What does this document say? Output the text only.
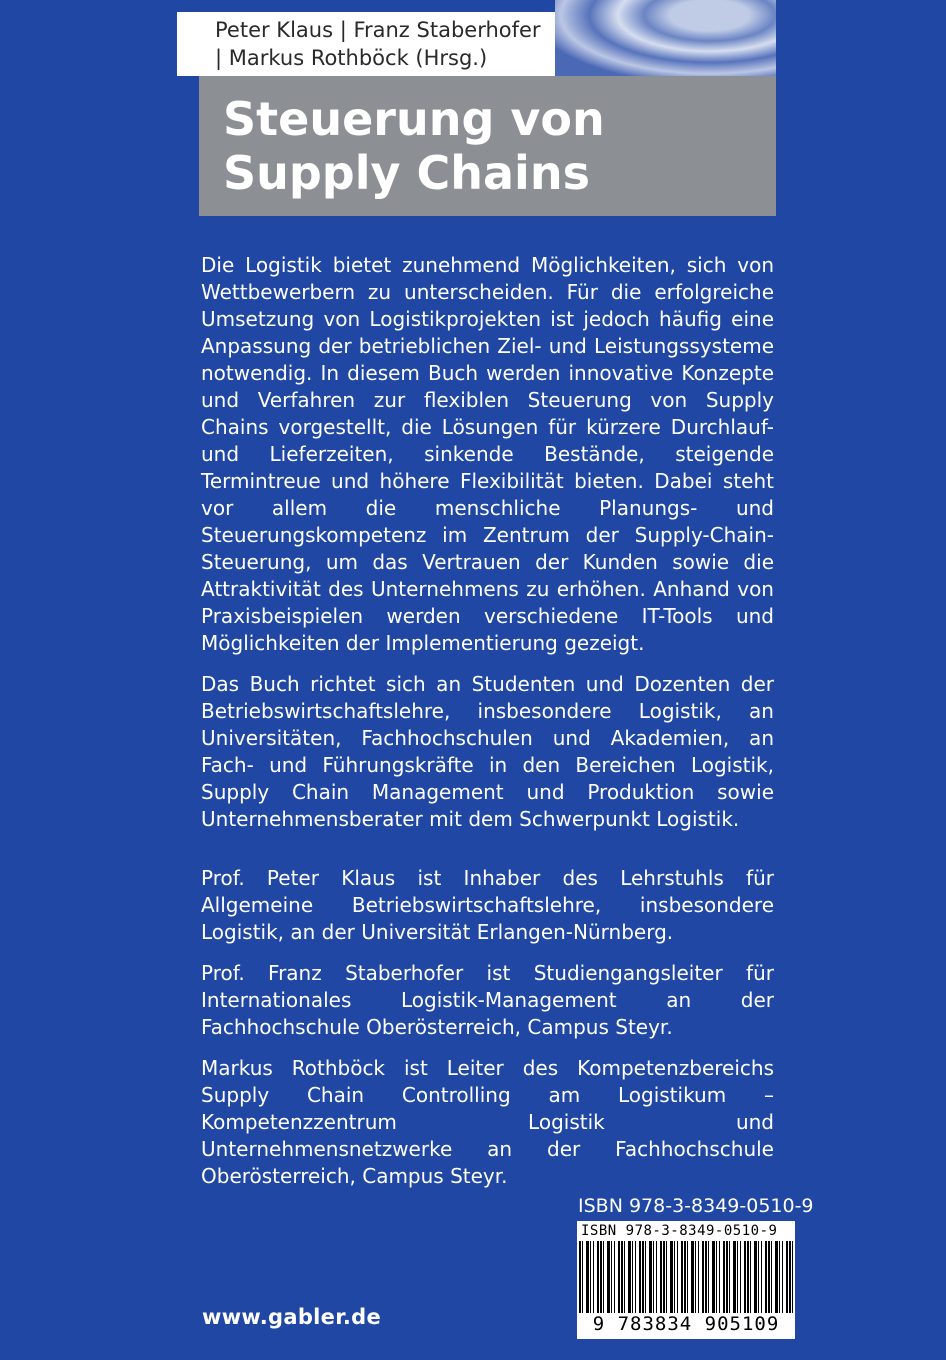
Peter Klaus | Franz Staberhofer | Markus Rothböck (Hrsg.)
Steuerung von Supply Chains

Die Logistik bietet zunehmend Möglichkeiten, sich von Wettbewerbern zu unterscheiden. Für die erfolgreiche Umsetzung von Logistikprojekten ist jedoch häufig eine Anpassung der betrieblichen Ziel- und Leistungssysteme notwendig. In diesem Buch werden innovative Konzepte und Verfahren zur flexiblen Steuerung von Supply Chains vorgestellt, die Lösungen für kürzere Durchlauf- und Lieferzeiten, sinkende Bestände, steigende Termintreue und höhere Flexibilität bieten. Dabei steht vor allem die menschliche Planungs- und Steuerungskompetenz im Zentrum der Supply-Chain-Steuerung, um das Vertrauen der Kunden sowie die Attraktivität des Unternehmens zu erhöhen. Anhand von Praxisbeispielen werden verschiedene IT-Tools und Möglichkeiten der Implementierung gezeigt.

Das Buch richtet sich an Studenten und Dozenten der Betriebswirtschaftslehre, insbesondere Logistik, an Universitäten, Fachhochschulen und Akademien, an Fach- und Führungskräfte in den Bereichen Logistik, Supply Chain Management und Produktion sowie Unternehmensberater mit dem Schwerpunkt Logistik.

Prof. Peter Klaus ist Inhaber des Lehrstuhls für Allgemeine Betriebswirtschaftslehre, insbesondere Logistik, an der Universität Erlangen-Nürnberg.

Prof. Franz Staberhofer ist Studiengangsleiter für Internationales Logistik-Management an der Fachhochschule Oberösterreich, Campus Steyr.

Markus Rothböck ist Leiter des Kompetenzbereichs Supply Chain Controlling am Logistikum – Kompetenzzentrum Logistik und Unternehmensnetzwerke an der Fachhochschule Oberösterreich, Campus Steyr.

ISBN 978-3-8349-0510-9
ISBN 978-3-8349-0510-9
9 783834 905109
www.gabler.de
